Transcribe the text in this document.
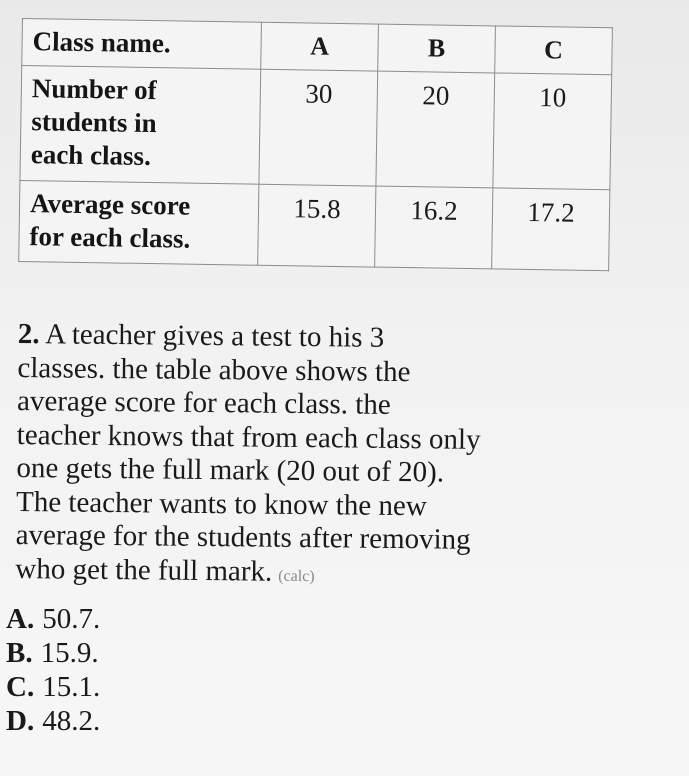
Class name.	A	B	C

Number of
students in
each class.	30	20	10

Average score
for each class.	15.8	16.2	17.2
2. A teacher gives a test to his 3
classes. the table above shows the
average score for each class. the
teacher knows that from each class only
one gets the full mark (20 out of 20).
The teacher wants to know the new
average for the students after removing
who get the full mark. (calc)
A. 50.7.
B. 15.9.
C. 15.1.
D. 48.2.
